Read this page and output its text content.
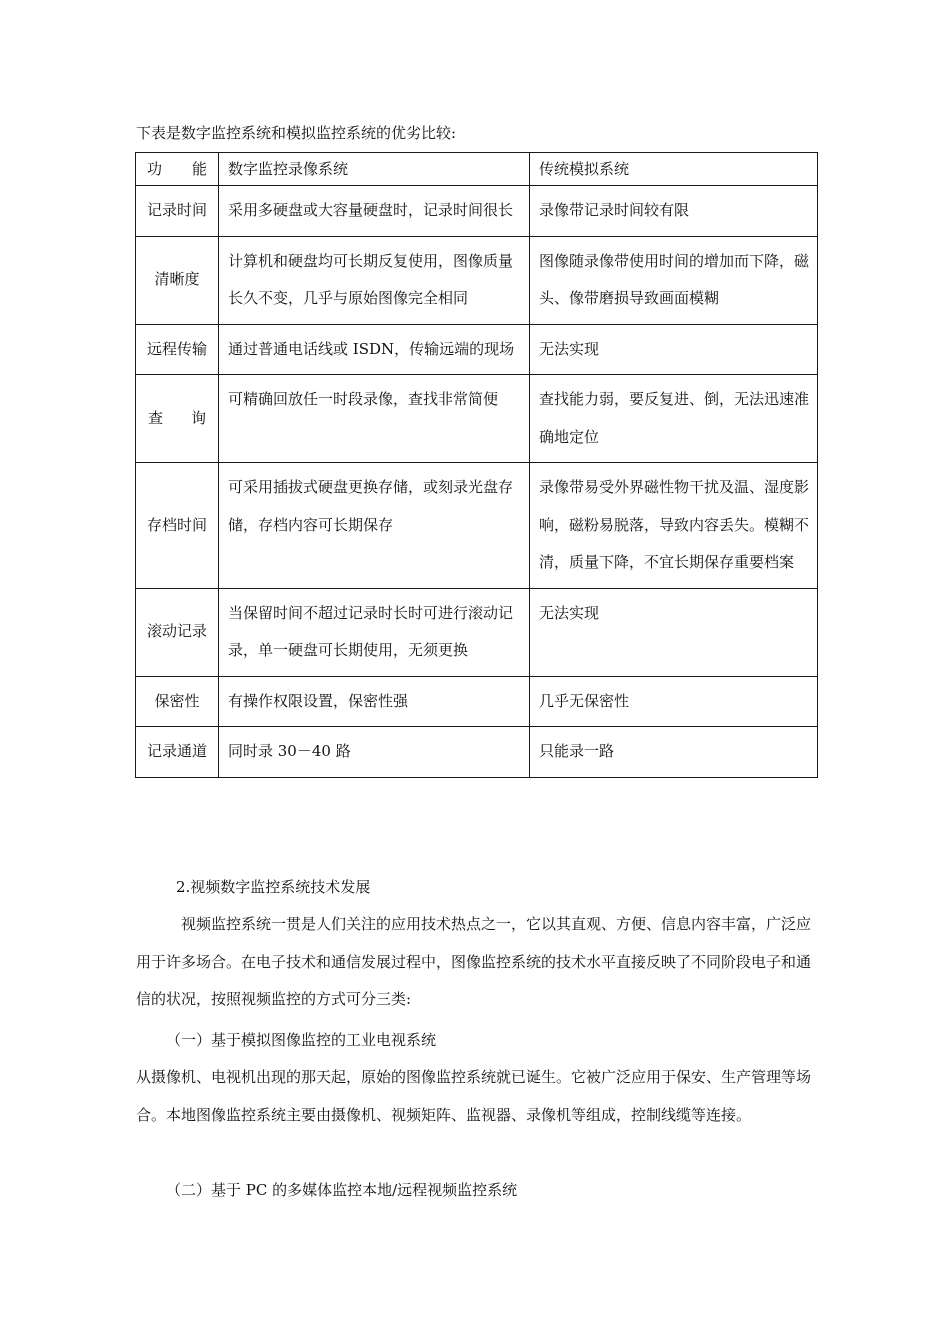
下表是数字监控系统和模拟监控系统的优劣比较:
功 能	数字监控录像系统	传统模拟系统
记录时间	采用多硬盘或大容量硬盘时，记录时间很长	录像带记录时间较有限

清晰度	计算机和硬盘均可长期反复使用，图像质量长久不变，几乎与原始图像完全相同	图像随录像带使用时间的增加而下降，磁头、像带磨损导致画面模糊

远程传输	通过普通电话线或 ISDN，传输远端的现场	无法实现

查 询	可精确回放任一时段录像，查找非常简便	查找能力弱，要反复进、倒，无法迅速准确地定位

存档时间	可采用插拔式硬盘更换存储，或刻录光盘存储，存档内容可长期保存	录像带易受外界磁性物干扰及温、湿度影响，磁粉易脱落，导致内容丢失。模糊不清，质量下降，不宜长期保存重要档案

滚动记录	当保留时间不超过记录时长时可进行滚动记录，单一硬盘可长期使用，无须更换	无法实现

保密性	有操作权限设置，保密性强	几乎无保密性

记录通道	同时录 30－40 路	只能录一路
2.视频数字监控系统技术发展
视频监控系统一贯是人们关注的应用技术热点之一，它以其直观、方便、信息内容丰富，广泛应用于许多场合。在电子技术和通信发展过程中，图像监控系统的技术水平直接反映了不同阶段电子和通信的状况，按照视频监控的方式可分三类:
（一）基于模拟图像监控的工业电视系统
从摄像机、电视机出现的那天起，原始的图像监控系统就已诞生。它被广泛应用于保安、生产管理等场合。本地图像监控系统主要由摄像机、视频矩阵、监视器、录像机等组成，控制线缆等连接。
（二）基于 PC 的多媒体监控本地/远程视频监控系统
